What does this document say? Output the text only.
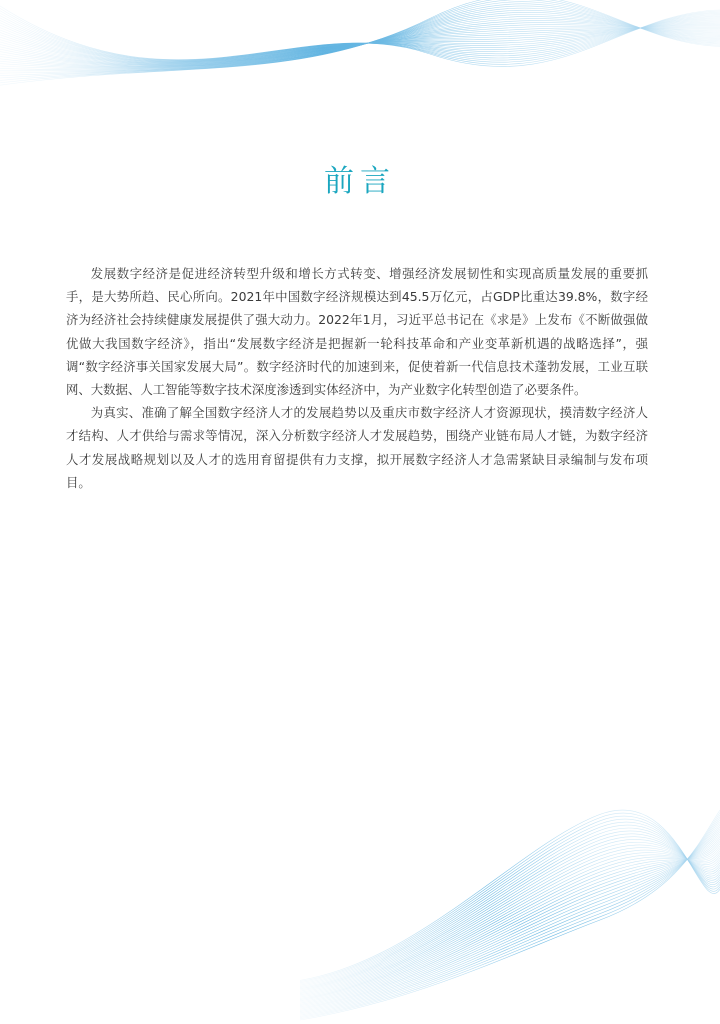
前言

发展数字经济是促进经济转型升级和增长方式转变、增强经济发展韧性和实现高质量发展的重要抓手，是大势所趋、民心所向。2021年中国数字经济规模达到45.5万亿元，占GDP比重达39.8%，数字经济为经济社会持续健康发展提供了强大动力。2022年1月，习近平总书记在《求是》上发布《不断做强做优做大我国数字经济》，指出“发展数字经济是把握新一轮科技革命和产业变革新机遇的战略选择”，强调“数字经济事关国家发展大局”。数字经济时代的加速到来，促使着新一代信息技术蓬勃发展，工业互联网、大数据、人工智能等数字技术深度渗透到实体经济中，为产业数字化转型创造了必要条件。

为真实、准确了解全国数字经济人才的发展趋势以及重庆市数字经济人才资源现状，摸清数字经济人才结构、人才供给与需求等情况，深入分析数字经济人才发展趋势，围绕产业链布局人才链，为数字经济人才发展战略规划以及人才的选用育留提供有力支撑，拟开展数字经济人才急需紧缺目录编制与发布项目。
